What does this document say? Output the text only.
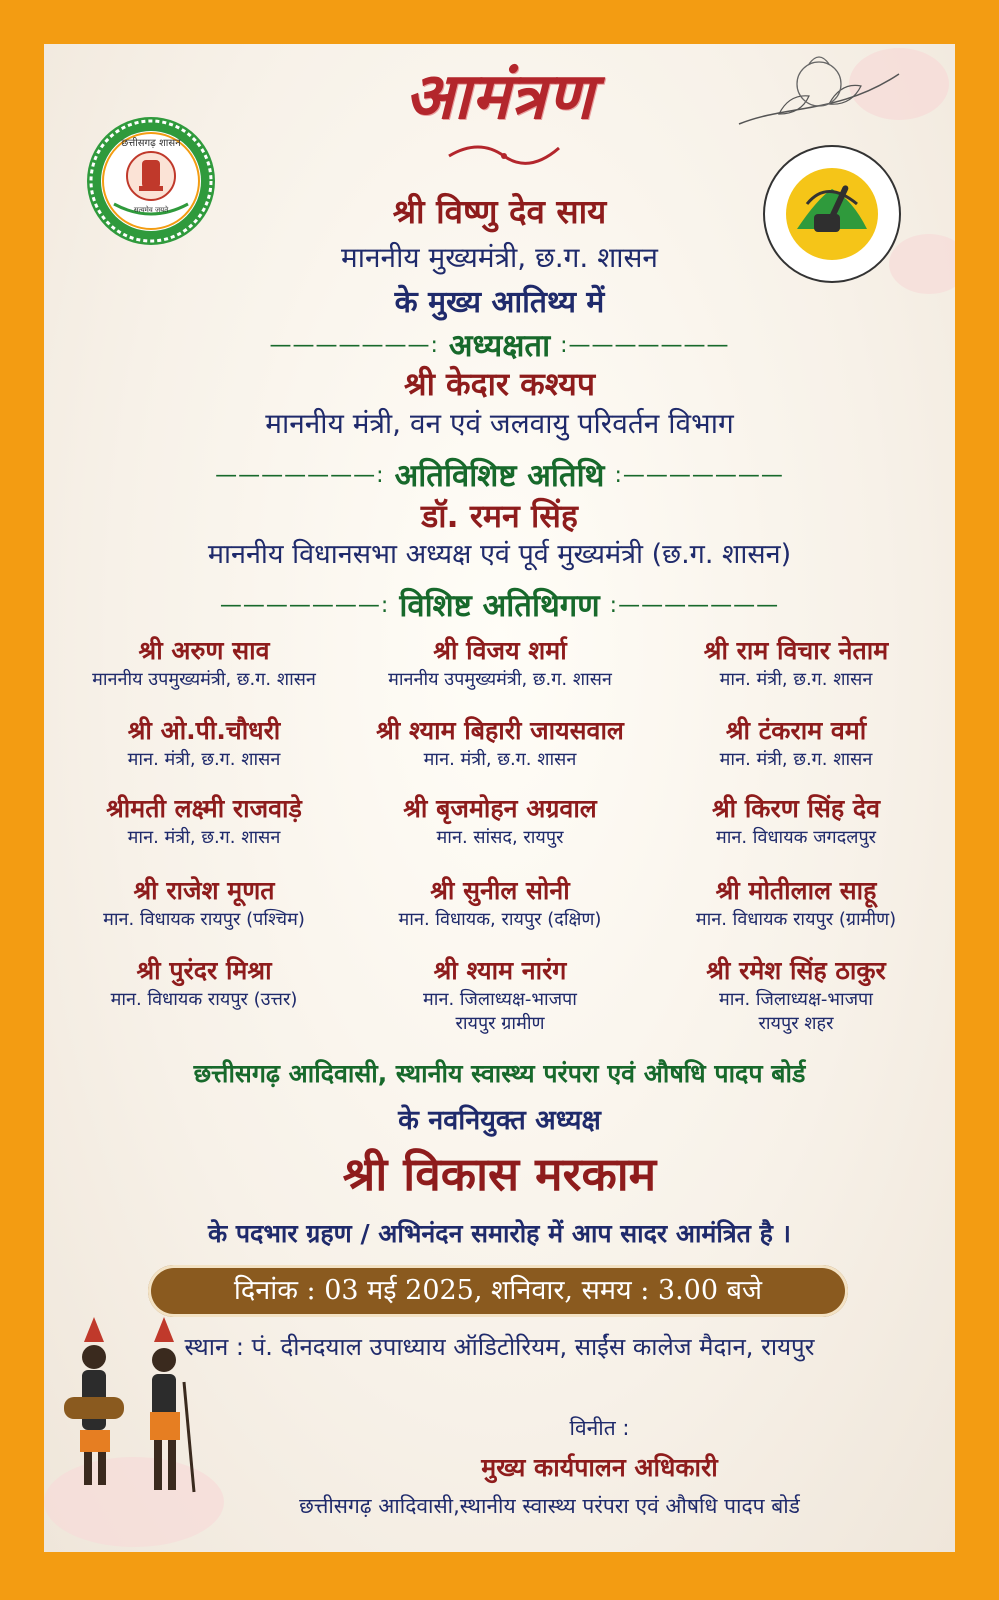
छत्तीसगढ़ शासन
सत्यमेव जयते
आमंत्रण
श्री विष्णु देव साय
माननीय मुख्यमंत्री, छ.ग. शासन
के मुख्य आतिथ्य में
———————: अध्यक्षता :———————
श्री केदार कश्यप
माननीय मंत्री, वन एवं जलवायु परिवर्तन विभाग
———————: अतिविशिष्ट अतिथि :———————
डॉ. रमन सिंह
माननीय विधानसभा अध्यक्ष एवं पूर्व मुख्यमंत्री (छ.ग. शासन)
———————: विशिष्ट अतिथिगण :———————
श्री अरुण साव
माननीय उपमुख्यमंत्री, छ.ग. शासन
श्री विजय शर्मा
माननीय उपमुख्यमंत्री, छ.ग. शासन
श्री राम विचार नेताम
मान. मंत्री, छ.ग. शासन
श्री ओ.पी.चौधरी
मान. मंत्री, छ.ग. शासन
श्री श्याम बिहारी जायसवाल
मान. मंत्री, छ.ग. शासन
श्री टंकराम वर्मा
मान. मंत्री, छ.ग. शासन
श्रीमती लक्ष्मी राजवाड़े
मान. मंत्री, छ.ग. शासन
श्री बृजमोहन अग्रवाल
मान. सांसद, रायपुर
श्री किरण सिंह देव
मान. विधायक जगदलपुर
श्री राजेश मूणत
मान. विधायक रायपुर (पश्चिम)
श्री सुनील सोनी
मान. विधायक, रायपुर (दक्षिण)
श्री मोतीलाल साहू
मान. विधायक रायपुर (ग्रामीण)
श्री पुरंदर मिश्रा
मान. विधायक रायपुर (उत्तर)
श्री श्याम नारंग
मान. जिलाध्यक्ष-भाजपा
रायपुर ग्रामीण
श्री रमेश सिंह ठाकुर
मान. जिलाध्यक्ष-भाजपा
रायपुर शहर
छत्तीसगढ़ आदिवासी, स्थानीय स्वास्थ्य परंपरा एवं औषधि पादप बोर्ड
के नवनियुक्त अध्यक्ष
श्री विकास मरकाम
के पदभार ग्रहण / अभिनंदन समारोह में आप सादर आमंत्रित है ।
दिनांक : 03 मई 2025, शनिवार, समय : 3.00 बजे
स्थान : पं. दीनदयाल उपाध्याय ऑडिटोरियम, साईंस कालेज मैदान, रायपुर
विनीत :
मुख्य कार्यपालन अधिकारी
छत्तीसगढ़ आदिवासी,स्थानीय स्वास्थ्य परंपरा एवं औषधि पादप बोर्ड
